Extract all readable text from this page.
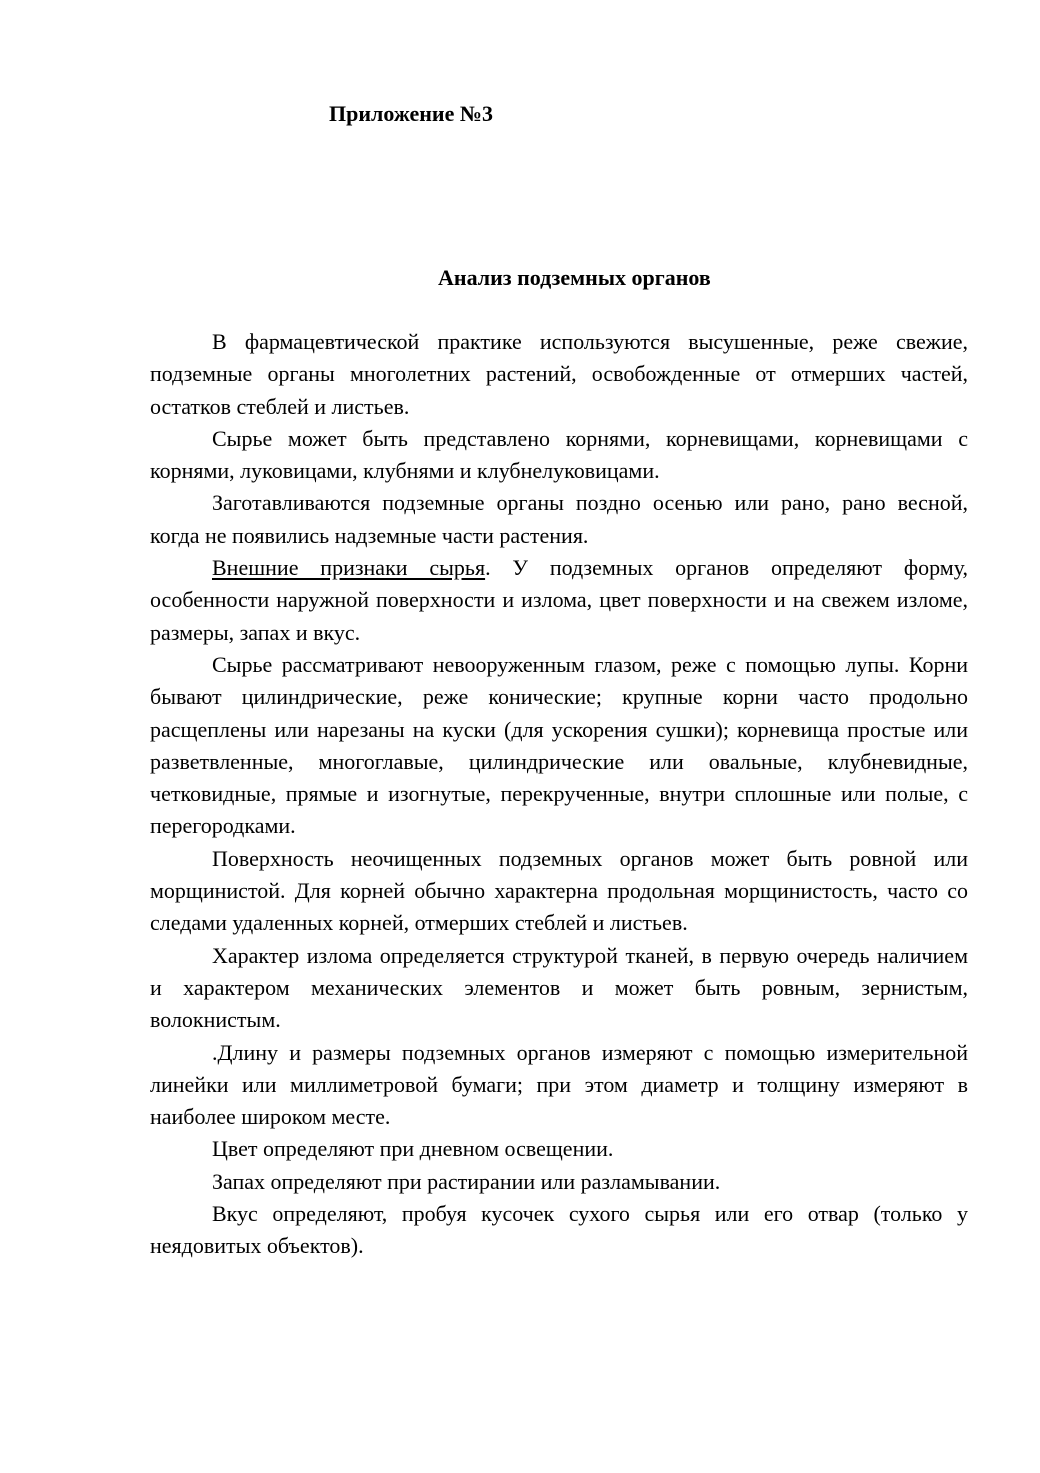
Приложение №3
Анализ подземных органов

В фармацевтической практике используются высушенные, реже свежие, подземные органы многолетних растений, освобожденные от отмерших частей, остатков стеблей и листьев.

Сырье может быть представлено корнями, корневищами, корневищами с корнями, луковицами, клубнями и клубнелуковицами.

Заготавливаются подземные органы поздно осенью или рано, рано весной, когда не появились надземные части растения.

Внешние признаки сырья. У подземных органов определяют форму, особенности наружной поверхности и излома, цвет поверхности и на свежем изломе, размеры, запах и вкус.

Сырье рассматривают невооруженным глазом, реже с помощью лупы. Корни бывают цилиндрические, реже конические; крупные корни часто продольно расщеплены или нарезаны на куски (для ускорения сушки); корневища простые или разветвленные, многоглавые, цилиндрические или овальные, клубневидные, четковидные, прямые и изогнутые, перекрученные, внутри сплошные или полые, с перегородками.

Поверхность неочищенных подземных органов может быть ровной или морщинистой. Для корней обычно характерна продольная морщинистость, часто со следами удаленных корней, отмерших стеблей и листьев.

Характер излома определяется структурой тканей, в первую очередь наличием и характером механических элементов и может быть ровным, зернистым, волокнистым.

.Длину и размеры подземных органов измеряют с помощью измерительной линейки или миллиметровой бумаги; при этом диаметр и толщину измеряют в наиболее широком месте.

Цвет определяют при дневном освещении.

Запах определяют при растирании или разламывании.

Вкус определяют, пробуя кусочек сухого сырья или его отвар (только у неядовитых объектов).
